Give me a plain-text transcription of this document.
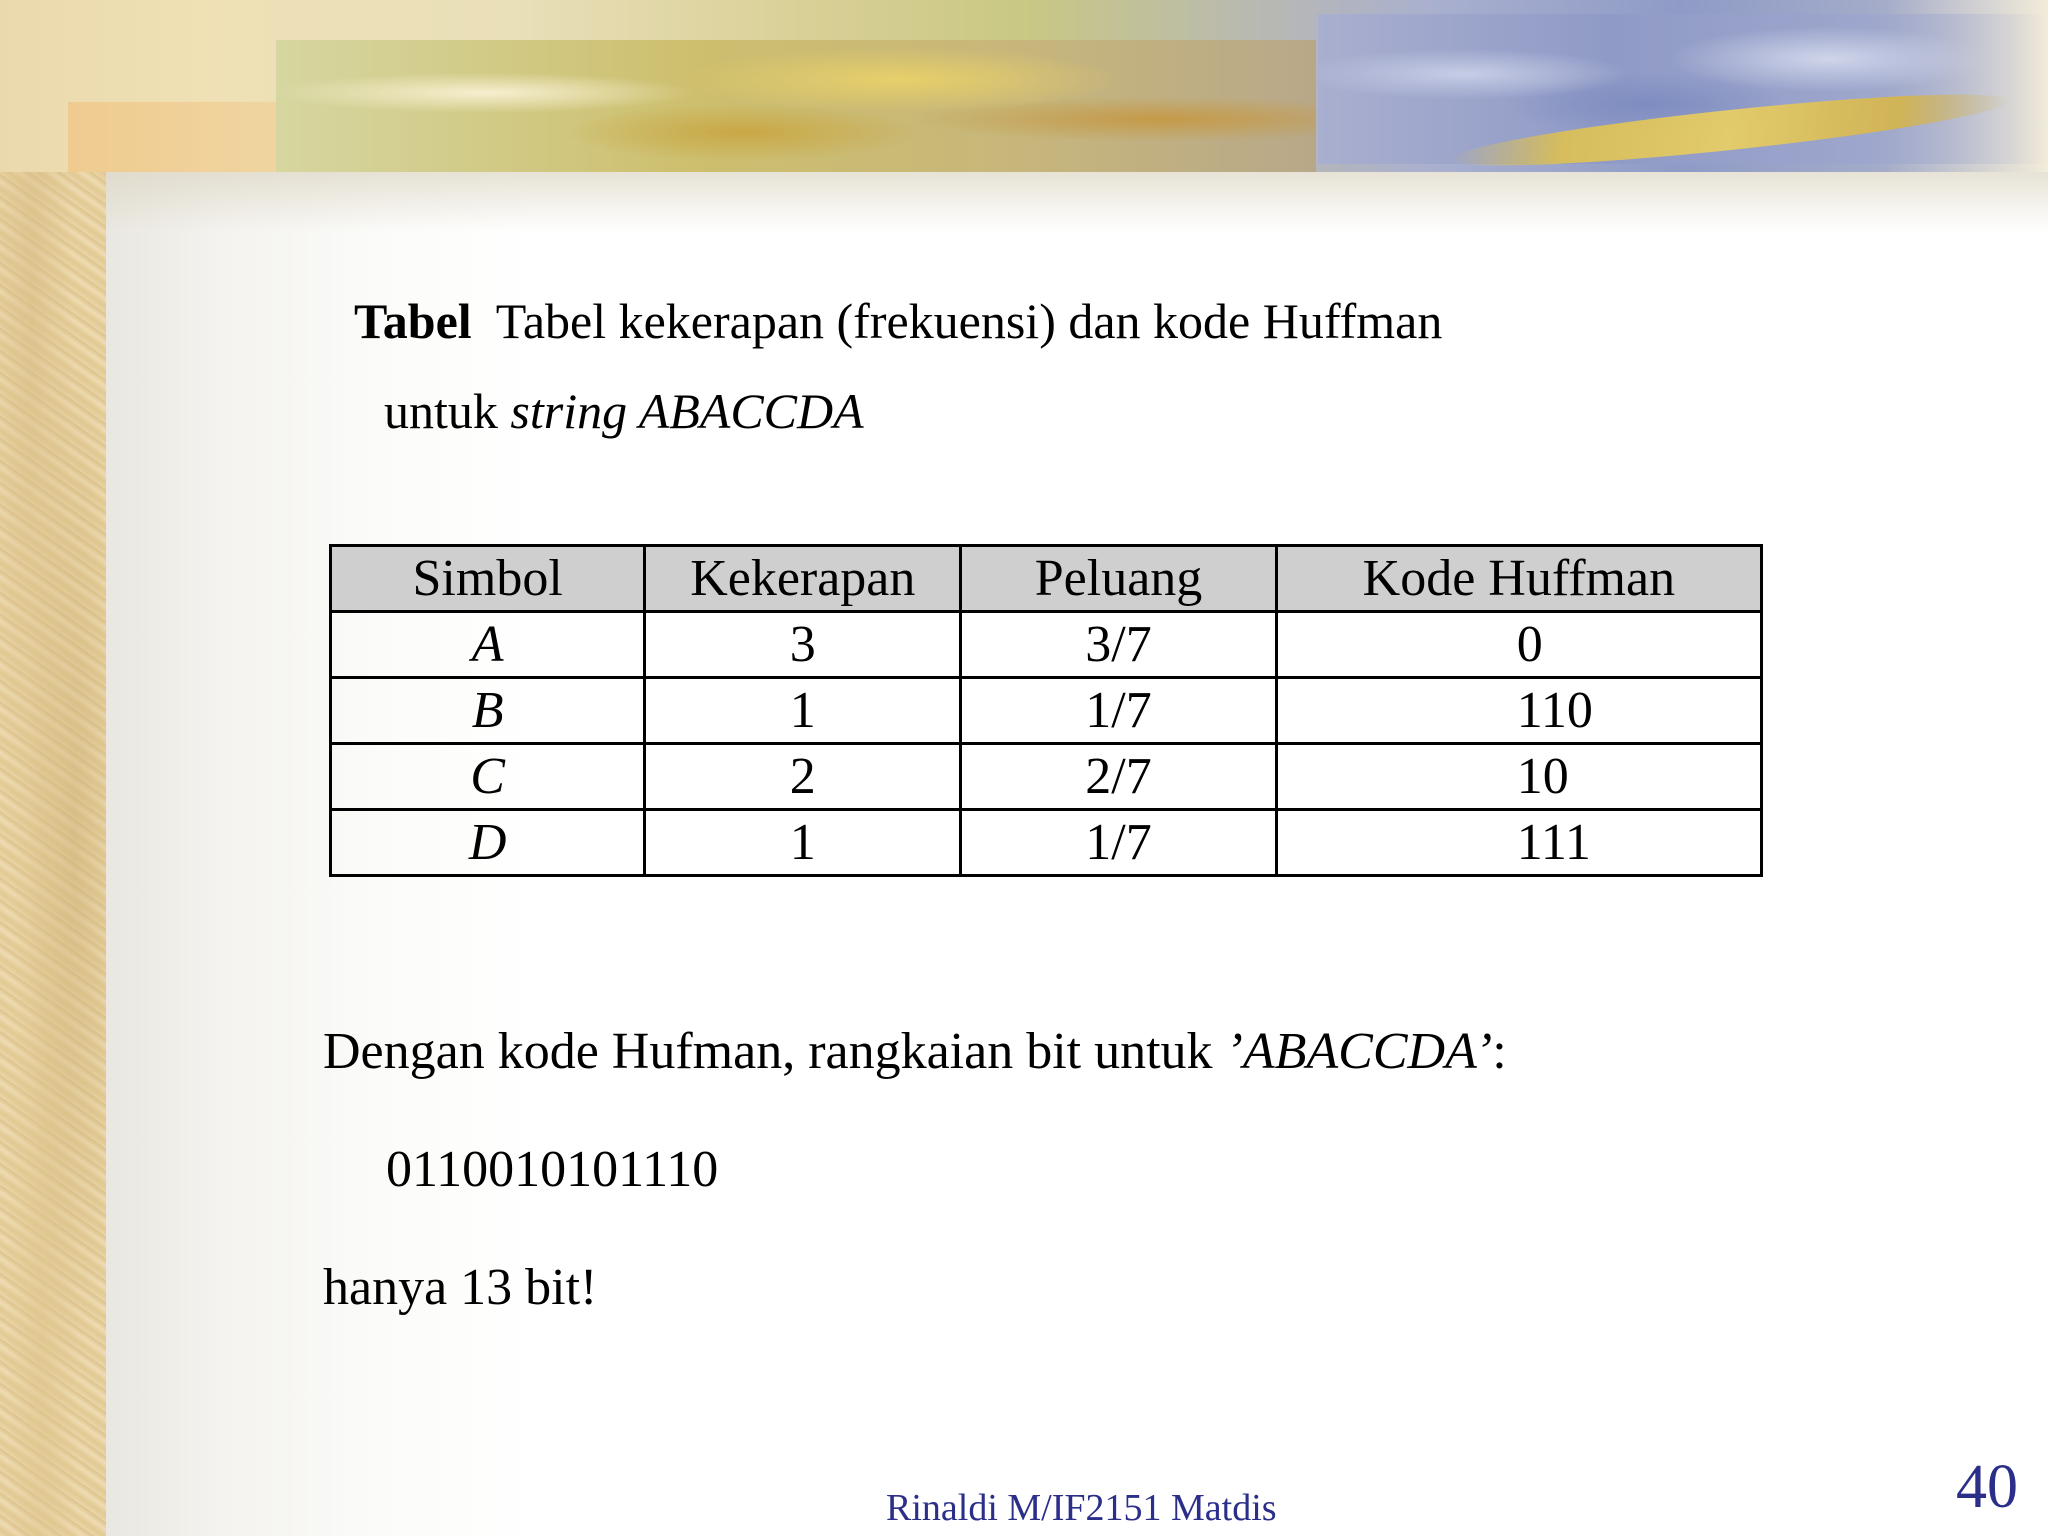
Tabel Tabel kekerapan (frekuensi) dan kode Huffman
untuk string ABACCDA
Simbol	Kekerapan	Peluang	Kode Huffman
A	3	3/7	0
B	1	1/7	110
C	2	2/7	10
D	1	1/7	111
Dengan kode Hufman, rangkaian bit untuk ’ABACCDA’:
0110010101110
hanya 13 bit!
Rinaldi M/IF2151 Matdis	40
